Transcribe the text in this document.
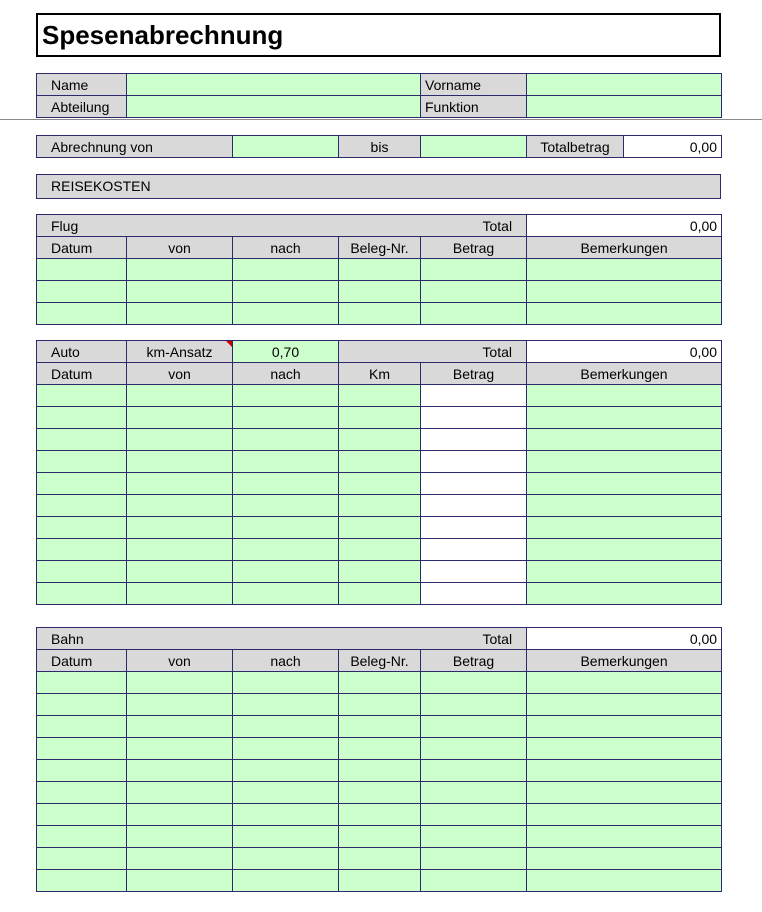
Spesenabrechnung
Name		Vorname	
Abteilung		Funktion	
Abrechnung von		bis		Totalbetrag	0,00
REISEKOSTEN
Flug Total					0,00
Datum	von	nach	Beleg-Nr.	Betrag	Bemerkungen

Auto	km-Ansatz	0,70	Total		0,00
Datum	von	nach	Km	Betrag	Bemerkungen

Bahn Total					0,00
Datum	von	nach	Beleg-Nr.	Betrag	Bemerkungen
